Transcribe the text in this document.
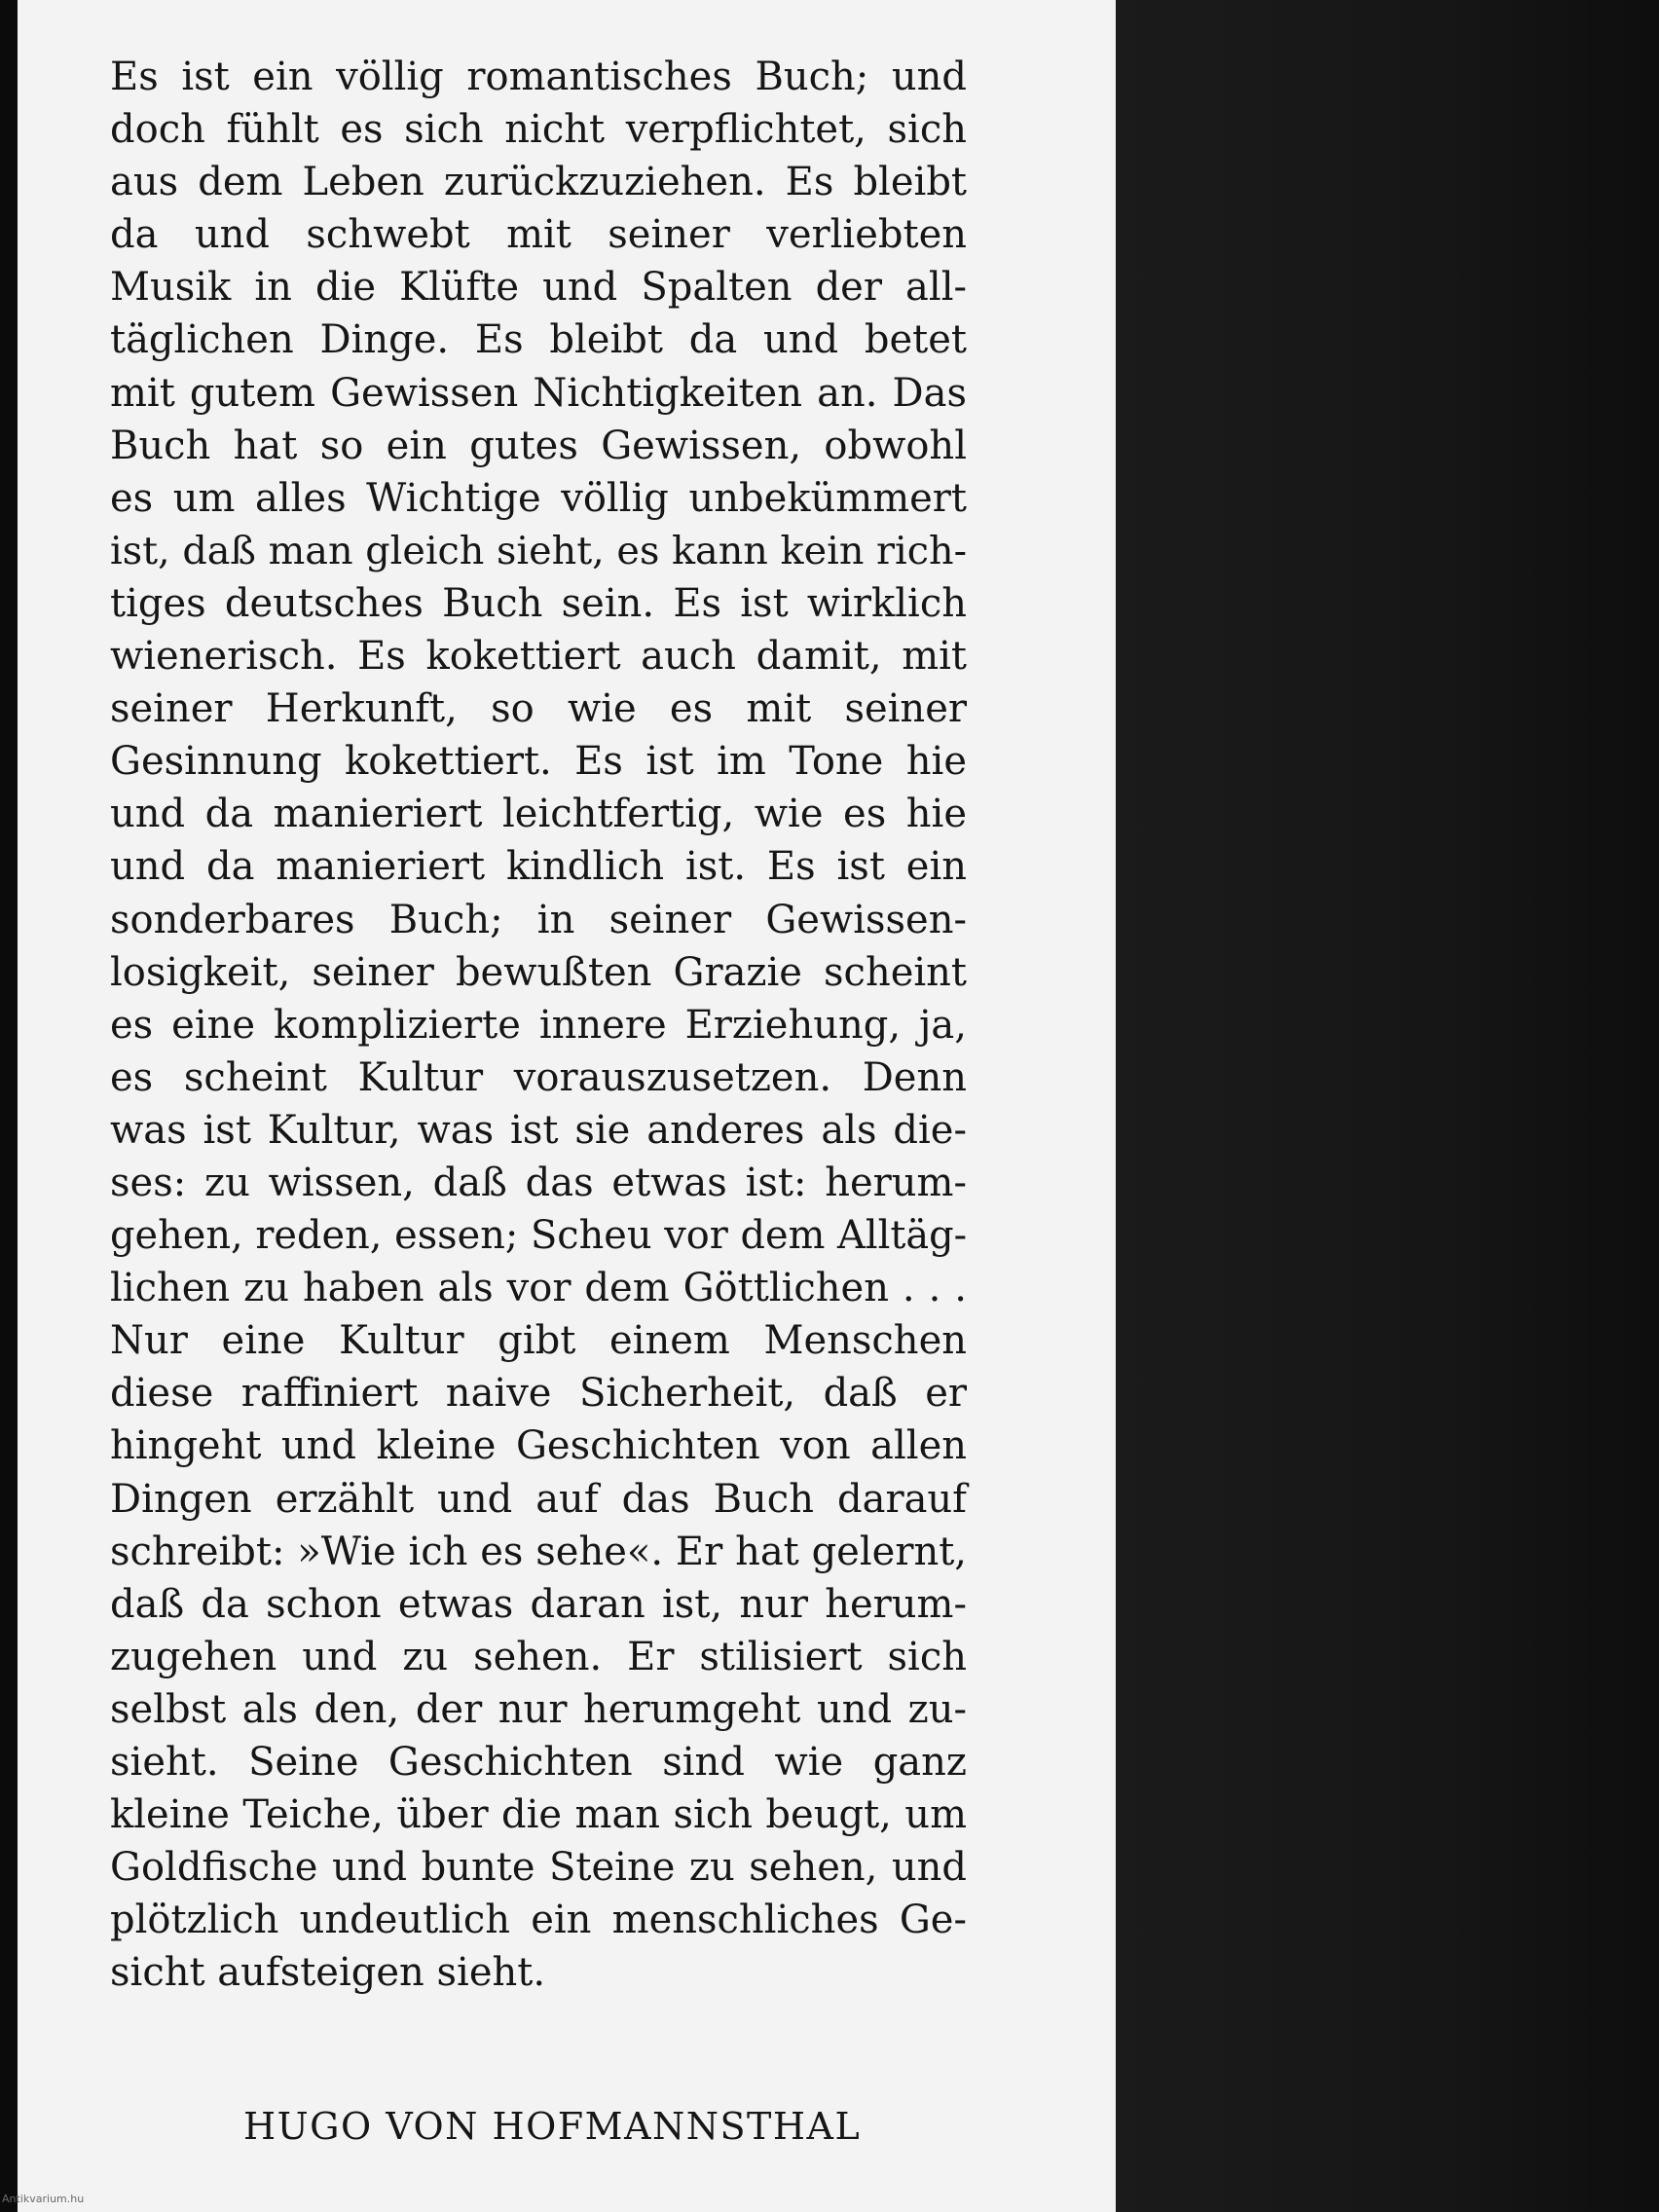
Es ist ein völlig romantisches Buch; und
doch fühlt es sich nicht verpflichtet, sich
aus dem Leben zurückzuziehen. Es bleibt
da und schwebt mit seiner verliebten
Musik in die Klüfte und Spalten der all-
täglichen Dinge. Es bleibt da und betet
mit gutem Gewissen Nichtigkeiten an. Das
Buch hat so ein gutes Gewissen, obwohl
es um alles Wichtige völlig unbekümmert
ist, daß man gleich sieht, es kann kein rich-
tiges deutsches Buch sein. Es ist wirklich
wienerisch. Es kokettiert auch damit, mit
seiner Herkunft, so wie es mit seiner
Gesinnung kokettiert. Es ist im Tone hie
und da manieriert leichtfertig, wie es hie
und da manieriert kindlich ist. Es ist ein
sonderbares Buch; in seiner Gewissen-
losigkeit, seiner bewußten Grazie scheint
es eine komplizierte innere Erziehung, ja,
es scheint Kultur vorauszusetzen. Denn
was ist Kultur, was ist sie anderes als die-
ses: zu wissen, daß das etwas ist: herum-
gehen, reden, essen; Scheu vor dem Alltäg-
lichen zu haben als vor dem Göttlichen . . .
Nur eine Kultur gibt einem Menschen
diese raffiniert naive Sicherheit, daß er
hingeht und kleine Geschichten von allen
Dingen erzählt und auf das Buch darauf
schreibt: »Wie ich es sehe«. Er hat gelernt,
daß da schon etwas daran ist, nur herum-
zugehen und zu sehen. Er stilisiert sich
selbst als den, der nur herumgeht und zu-
sieht. Seine Geschichten sind wie ganz
kleine Teiche, über die man sich beugt, um
Goldfische und bunte Steine zu sehen, und
plötzlich undeutlich ein menschliches Ge-
sicht aufsteigen sieht.

HUGO VON HOFMANNSTHAL

Antikvarium.hu
